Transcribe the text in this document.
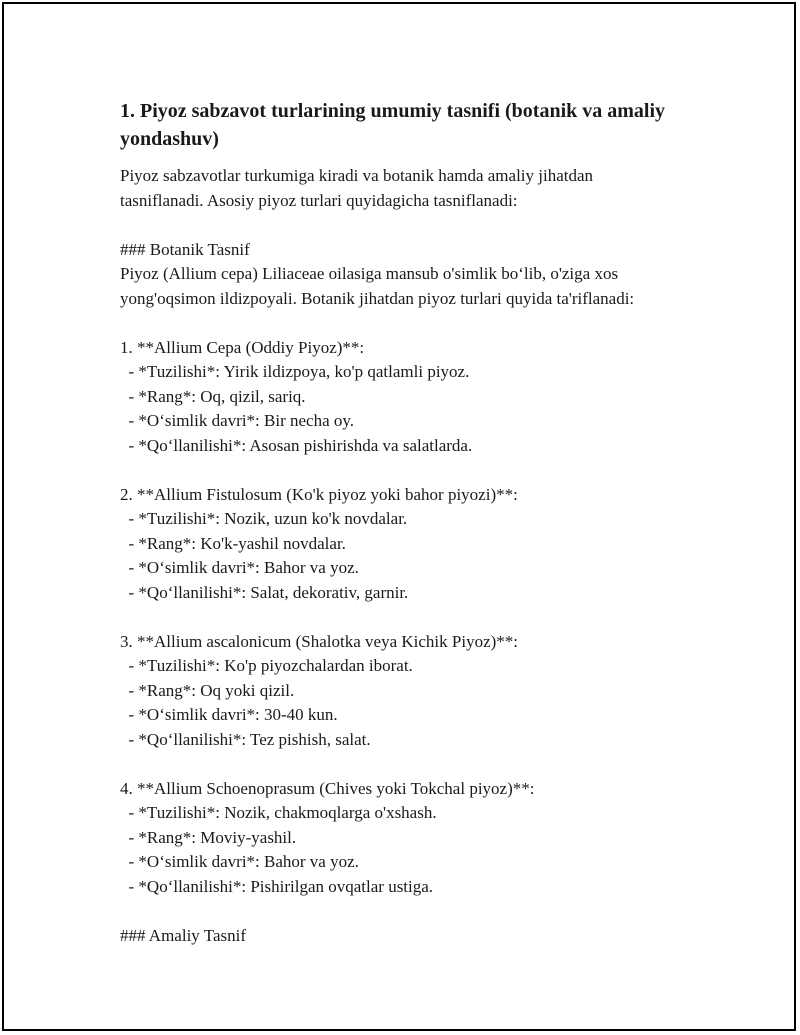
1. Piyoz sabzavot turlarining umumiy tasnifi (botanik va amaliy yondashuv)
Piyoz sabzavotlar turkumiga kiradi va botanik hamda amaliy jihatdan
tasniflanadi. Asosiy piyoz turlari quyidagicha tasniflanadi:
### Botanik Tasnif
Piyoz (Allium cepa) Liliaceae oilasiga mansub o'simlik bo‘lib, o'ziga xos
yong'oqsimon ildizpoyali. Botanik jihatdan piyoz turlari quyida ta'riflanadi:
1. **Allium Cepa (Oddiy Piyoz)**:
- *Tuzilishi*: Yirik ildizpoya, ko'p qatlamli piyoz.
- *Rang*: Oq, qizil, sariq.
- *O‘simlik davri*: Bir necha oy.
- *Qo‘llanilishi*: Asosan pishirishda va salatlarda.
2. **Allium Fistulosum (Ko'k piyoz yoki bahor piyozi)**:
- *Tuzilishi*: Nozik, uzun ko'k novdalar.
- *Rang*: Ko'k-yashil novdalar.
- *O‘simlik davri*: Bahor va yoz.
- *Qo‘llanilishi*: Salat, dekorativ, garnir.
3. **Allium ascalonicum (Shalotka veya Kichik Piyoz)**:
- *Tuzilishi*: Ko'p piyozchalardan iborat.
- *Rang*: Oq yoki qizil.
- *O‘simlik davri*: 30-40 kun.
- *Qo‘llanilishi*: Tez pishish, salat.
4. **Allium Schoenoprasum (Chives yoki Tokchal piyoz)**:
- *Tuzilishi*: Nozik, chakmoqlarga o'xshash.
- *Rang*: Moviy-yashil.
- *O‘simlik davri*: Bahor va yoz.
- *Qo‘llanilishi*: Pishirilgan ovqatlar ustiga.
### Amaliy Tasnif
